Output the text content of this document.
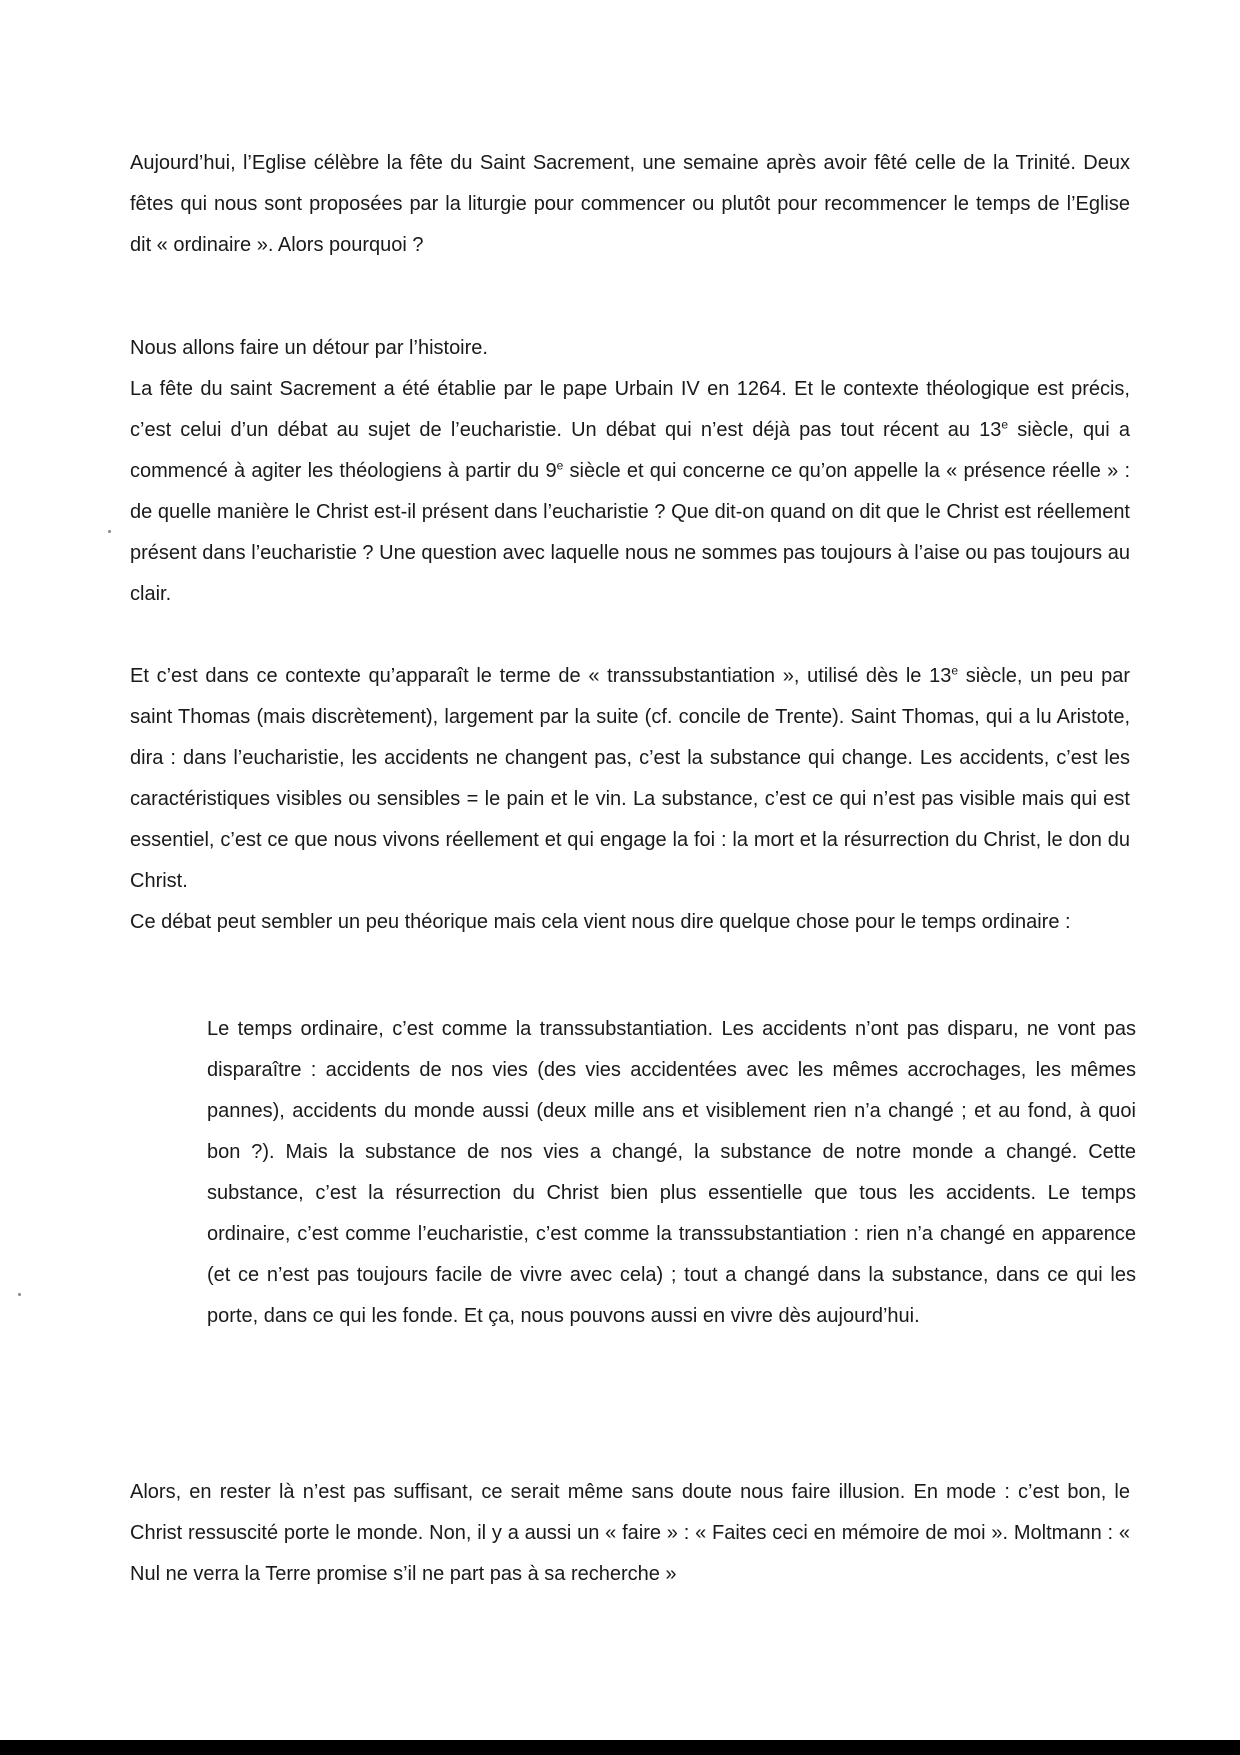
Aujourd’hui, l’Eglise célèbre la fête du Saint Sacrement, une semaine après avoir fêté celle de la Trinité. Deux fêtes qui nous sont proposées par la liturgie pour commencer ou plutôt pour recommencer le temps de l’Eglise dit « ordinaire ». Alors pourquoi ?

Nous allons faire un détour par l’histoire.

La fête du saint Sacrement a été établie par le pape Urbain IV en 1264. Et le contexte théologique est précis, c’est celui d’un débat au sujet de l’eucharistie. Un débat qui n’est déjà pas tout récent au 13e siècle, qui a commencé à agiter les théologiens à partir du 9e siècle et qui concerne ce qu’on appelle la « présence réelle » : de quelle manière le Christ est-il présent dans l’eucharistie ? Que dit-on quand on dit que le Christ est réellement présent dans l’eucharistie ? Une question avec laquelle nous ne sommes pas toujours à l’aise ou pas toujours au clair.

Et c’est dans ce contexte qu’apparaît le terme de « transsubstantiation », utilisé dès le 13e siècle, un peu par saint Thomas (mais discrètement), largement par la suite (cf. concile de Trente). Saint Thomas, qui a lu Aristote, dira : dans l’eucharistie, les accidents ne changent pas, c’est la substance qui change. Les accidents, c’est les caractéristiques visibles ou sensibles = le pain et le vin. La substance, c’est ce qui n’est pas visible mais qui est essentiel, c’est ce que nous vivons réellement et qui engage la foi : la mort et la résurrection du Christ, le don du Christ.

Ce débat peut sembler un peu théorique mais cela vient nous dire quelque chose pour le temps ordinaire :

Le temps ordinaire, c’est comme la transsubstantiation. Les accidents n’ont pas disparu, ne vont pas disparaître : accidents de nos vies (des vies accidentées avec les mêmes accrochages, les mêmes pannes), accidents du monde aussi (deux mille ans et visiblement rien n’a changé ; et au fond, à quoi bon ?). Mais la substance de nos vies a changé, la substance de notre monde a changé. Cette substance, c’est la résurrection du Christ bien plus essentielle que tous les accidents. Le temps ordinaire, c’est comme l’eucharistie, c’est comme la transsubstantiation : rien n’a changé en apparence (et ce n’est pas toujours facile de vivre avec cela) ; tout a changé dans la substance, dans ce qui les porte, dans ce qui les fonde. Et ça, nous pouvons aussi en vivre dès aujourd’hui.

Alors, en rester là n’est pas suffisant, ce serait même sans doute nous faire illusion. En mode : c’est bon, le Christ ressuscité porte le monde. Non, il y a aussi un « faire » : « Faites ceci en mémoire de moi ». Moltmann : « Nul ne verra la Terre promise s’il ne part pas à sa recherche »
